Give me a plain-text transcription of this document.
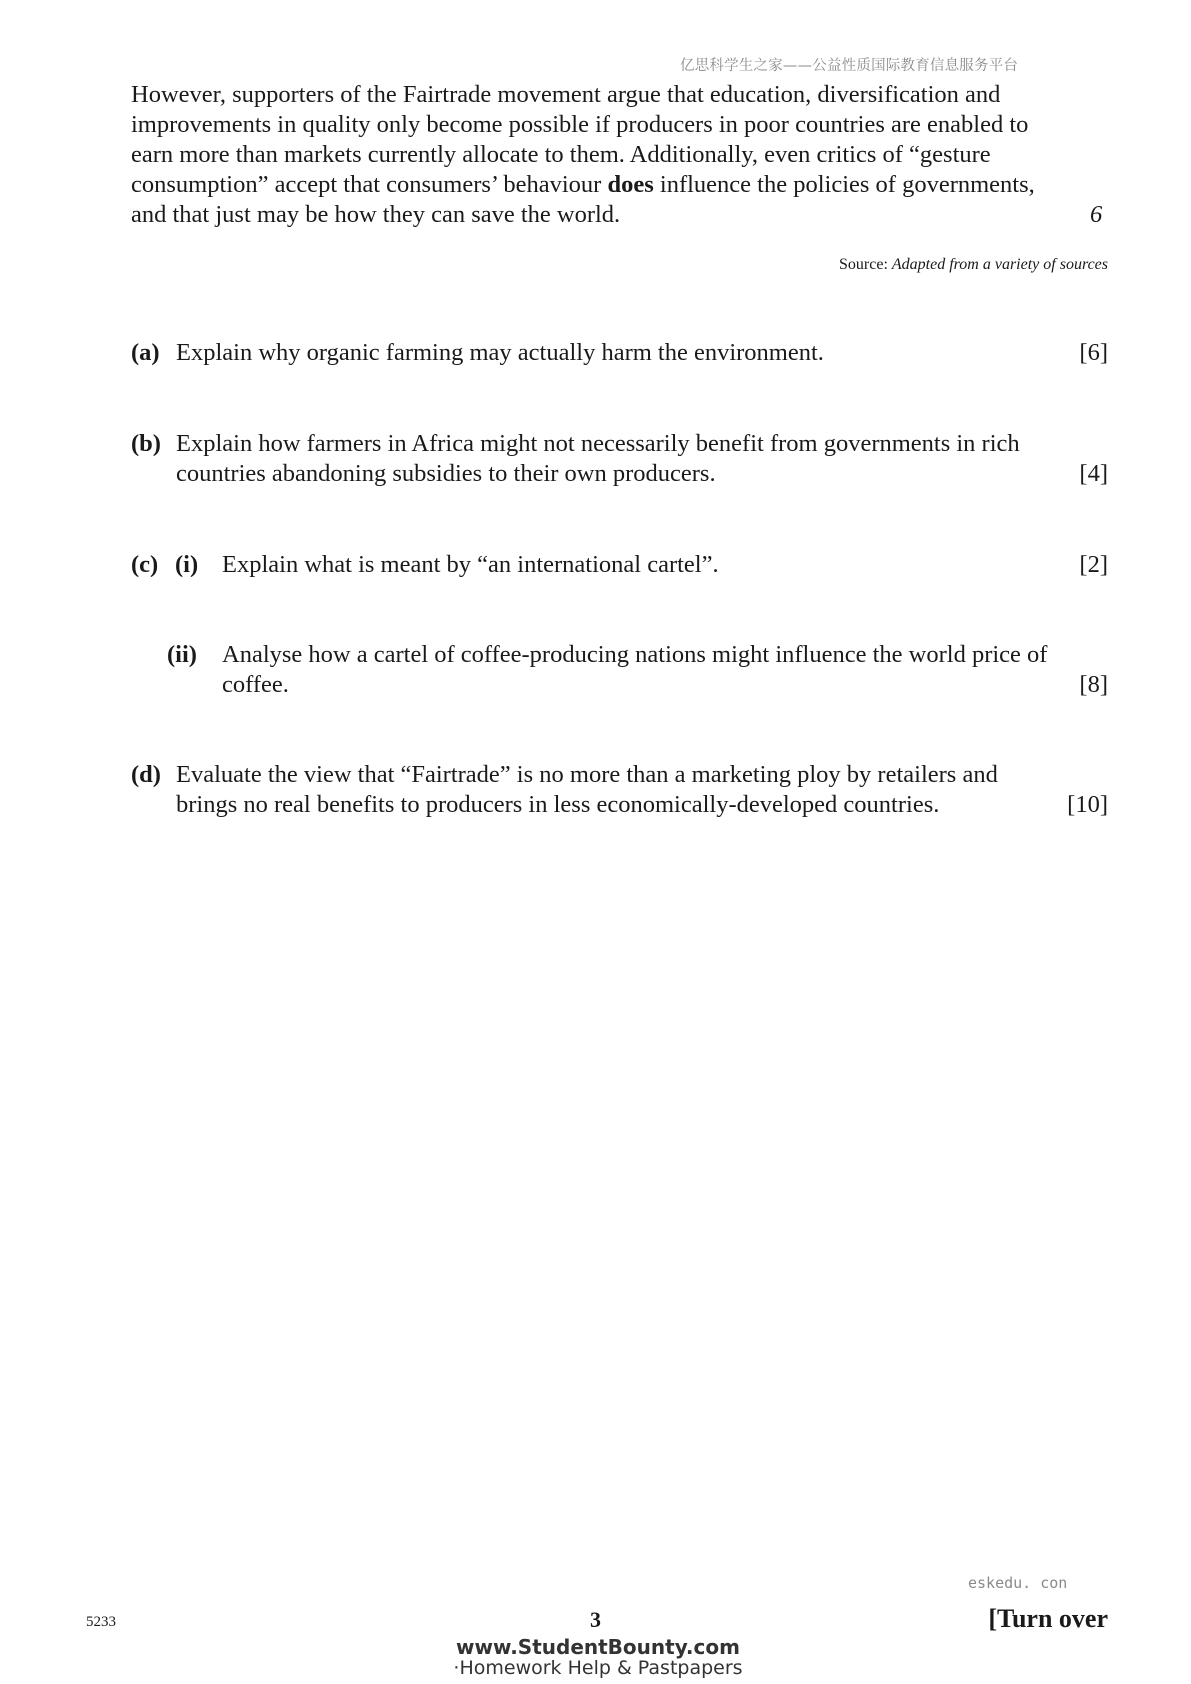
亿思科学生之家——公益性质国际教育信息服务平台

However, supporters of the Fairtrade movement argue that education, diversification and improvements in quality only become possible if producers in poor countries are enabled to earn more than markets currently allocate to them. Additionally, even critics of “gesture consumption” accept that consumers’ behaviour does influence the policies of governments, and that just may be how they can save the world.	6
Source: Adapted from a variety of sources
(a) Explain why organic farming may actually harm the environment.	[6]
(b) Explain how farmers in Africa might not necessarily benefit from governments in rich
countries abandoning subsidies to their own producers.	[4]
(c) (i) Explain what is meant by “an international cartel”.	[2]
(ii) Analyse how a cartel of coffee-producing nations might influence the world price of
coffee.	[8]
(d) Evaluate the view that “Fairtrade” is no more than a marketing ploy by retailers and
brings no real benefits to producers in less economically-developed countries.	[10]
eskedu. con
5233	3	[Turn over
www.StudentBounty.com
·Homework Help & Pastpapers
